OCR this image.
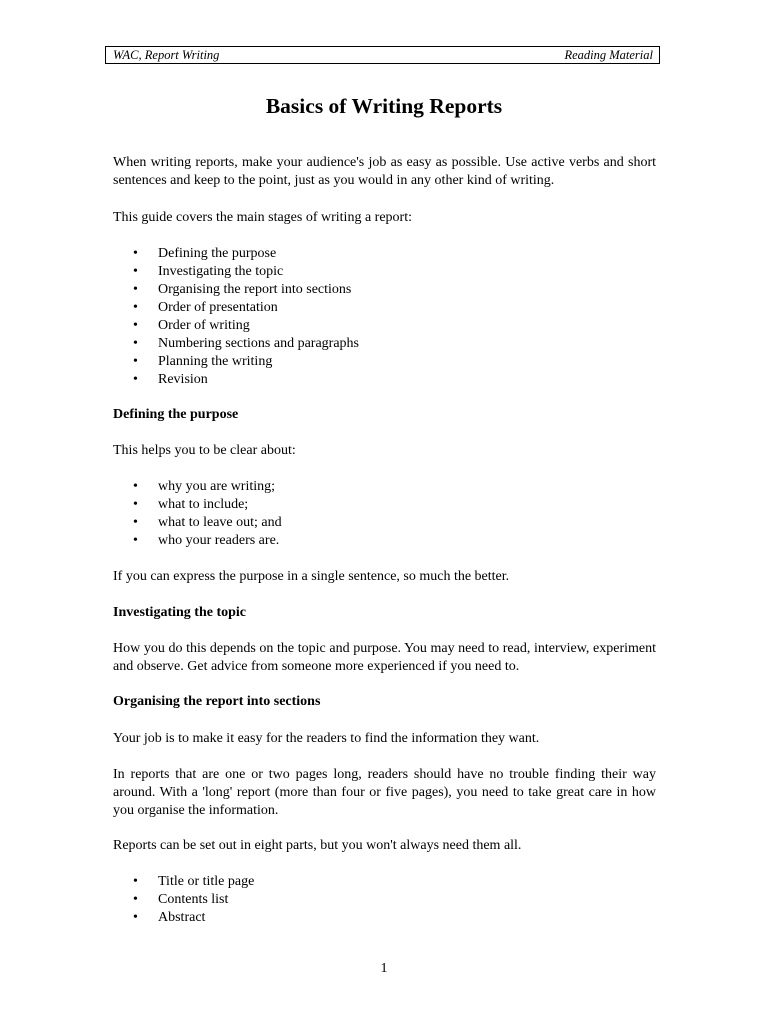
WAC, Report Writing	Reading Material
Basics of Writing Reports
When writing reports, make your audience's job as easy as possible. Use active verbs and short sentences and keep to the point, just as you would in any other kind of writing.
This guide covers the main stages of writing a report:
• Defining the purpose
• Investigating the topic
• Organising the report into sections
• Order of presentation
• Order of writing
• Numbering sections and paragraphs
• Planning the writing
• Revision
Defining the purpose
This helps you to be clear about:
• why you are writing;
• what to include;
• what to leave out; and
• who your readers are.
If you can express the purpose in a single sentence, so much the better.
Investigating the topic
How you do this depends on the topic and purpose. You may need to read, interview, experiment and observe. Get advice from someone more experienced if you need to.
Organising the report into sections
Your job is to make it easy for the readers to find the information they want.
In reports that are one or two pages long, readers should have no trouble finding their way around. With a 'long' report (more than four or five pages), you need to take great care in how you organise the information.
Reports can be set out in eight parts, but you won't always need them all.
• Title or title page
• Contents list
• Abstract
1
